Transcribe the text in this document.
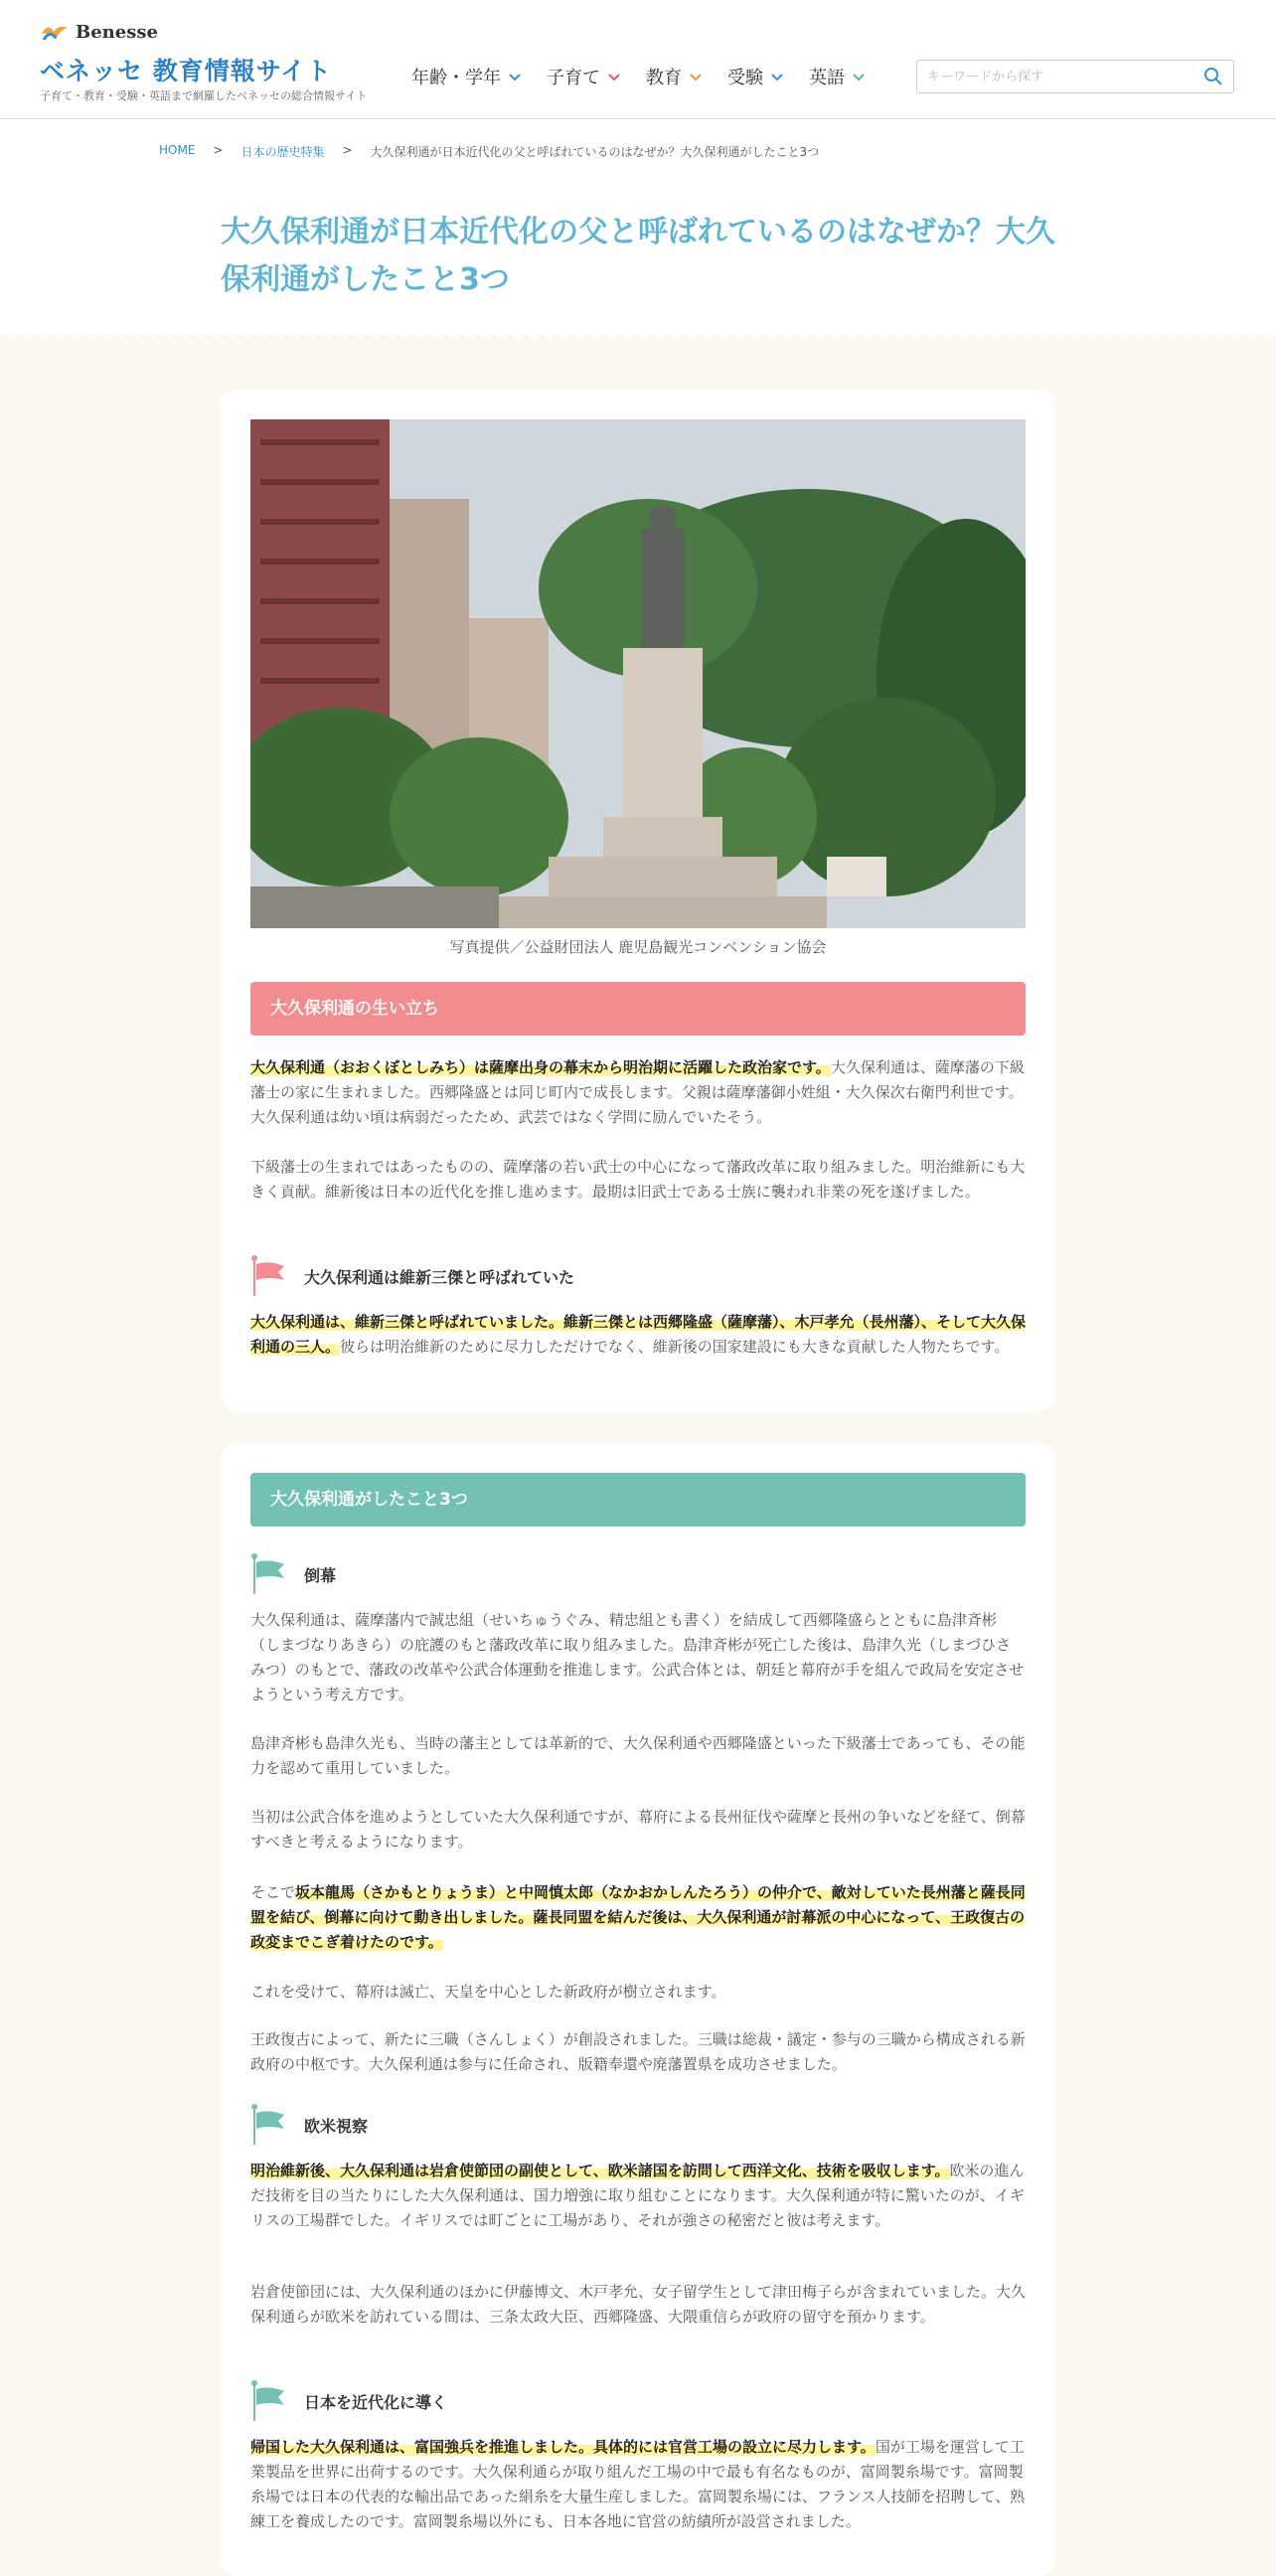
Benesse
ベネッセ 教育情報サイト
子育て・教育・受験・英語まで網羅したベネッセの総合情報サイト
年齢・学年	子育て	教育	受験	英語
キーワードから探す
HOME > 日本の歴史特集 > 大久保利通が日本近代化の父と呼ばれているのはなぜか？大久保利通がしたこと3つ
大久保利通が日本近代化の父と呼ばれているのはなぜか？大久保利通がしたこと3つ
写真提供／公益財団法人 鹿児島観光コンベンション協会
大久保利通の生い立ち

大久保利通（おおくぼとしみち）は薩摩出身の幕末から明治期に活躍した政治家です。大久保利通は、薩摩藩の下級藩士の家に生まれました。西郷隆盛とは同じ町内で成長します。父親は薩摩藩御小姓組・大久保次右衛門利世です。大久保利通は幼い頃は病弱だったため、武芸ではなく学問に励んでいたそう。

下級藩士の生まれではあったものの、薩摩藩の若い武士の中心になって藩政改革に取り組みました。明治維新にも大きく貢献。維新後は日本の近代化を推し進めます。最期は旧武士である士族に襲われ非業の死を遂げました。

大久保利通は維新三傑と呼ばれていた

大久保利通は、維新三傑と呼ばれていました。維新三傑とは西郷隆盛（薩摩藩）、木戸孝允（長州藩）、そして大久保利通の三人。彼らは明治維新のために尽力しただけでなく、維新後の国家建設にも大きな貢献した人物たちです。

大久保利通がしたこと3つ
倒幕

大久保利通は、薩摩藩内で誠忠組（せいちゅうぐみ、精忠組とも書く）を結成して西郷隆盛らとともに島津斉彬（しまづなりあきら）の庇護のもと藩政改革に取り組みました。島津斉彬が死亡した後は、島津久光（しまづひさみつ）のもとで、藩政の改革や公武合体運動を推進します。公武合体とは、朝廷と幕府が手を組んで政局を安定させようという考え方です。

島津斉彬も島津久光も、当時の藩主としては革新的で、大久保利通や西郷隆盛といった下級藩士であっても、その能力を認めて重用していました。

当初は公武合体を進めようとしていた大久保利通ですが、幕府による長州征伐や薩摩と長州の争いなどを経て、倒幕すべきと考えるようになります。

そこで坂本龍馬（さかもとりょうま）と中岡慎太郎（なかおかしんたろう）の仲介で、敵対していた長州藩と薩長同盟を結び、倒幕に向けて動き出しました。薩長同盟を結んだ後は、大久保利通が討幕派の中心になって、王政復古の政変までこぎ着けたのです。

これを受けて、幕府は滅亡、天皇を中心とした新政府が樹立されます。

王政復古によって、新たに三職（さんしょく）が創設されました。三職は総裁・議定・参与の三職から構成される新政府の中枢です。大久保利通は参与に任命され、版籍奉還や廃藩置県を成功させました。

欧米視察

明治維新後、大久保利通は岩倉使節団の副使として、欧米諸国を訪問して西洋文化、技術を吸収します。欧米の進んだ技術を目の当たりにした大久保利通は、国力増強に取り組むことになります。大久保利通が特に驚いたのが、イギリスの工場群でした。イギリスでは町ごとに工場があり、それが強さの秘密だと彼は考えます。

岩倉使節団には、大久保利通のほかに伊藤博文、木戸孝允、女子留学生として津田梅子らが含まれていました。大久保利通らが欧米を訪れている間は、三条太政大臣、西郷隆盛、大隈重信らが政府の留守を預かります。

日本を近代化に導く

帰国した大久保利通は、富国強兵を推進しました。具体的には官営工場の設立に尽力します。国が工場を運営して工業製品を世界に出荷するのです。大久保利通らが取り組んだ工場の中で最も有名なものが、富岡製糸場です。富岡製糸場では日本の代表的な輸出品であった絹糸を大量生産しました。富岡製糸場には、フランス人技師を招聘して、熟練工を養成したのです。富岡製糸場以外にも、日本各地に官営の紡績所が設営されました。
